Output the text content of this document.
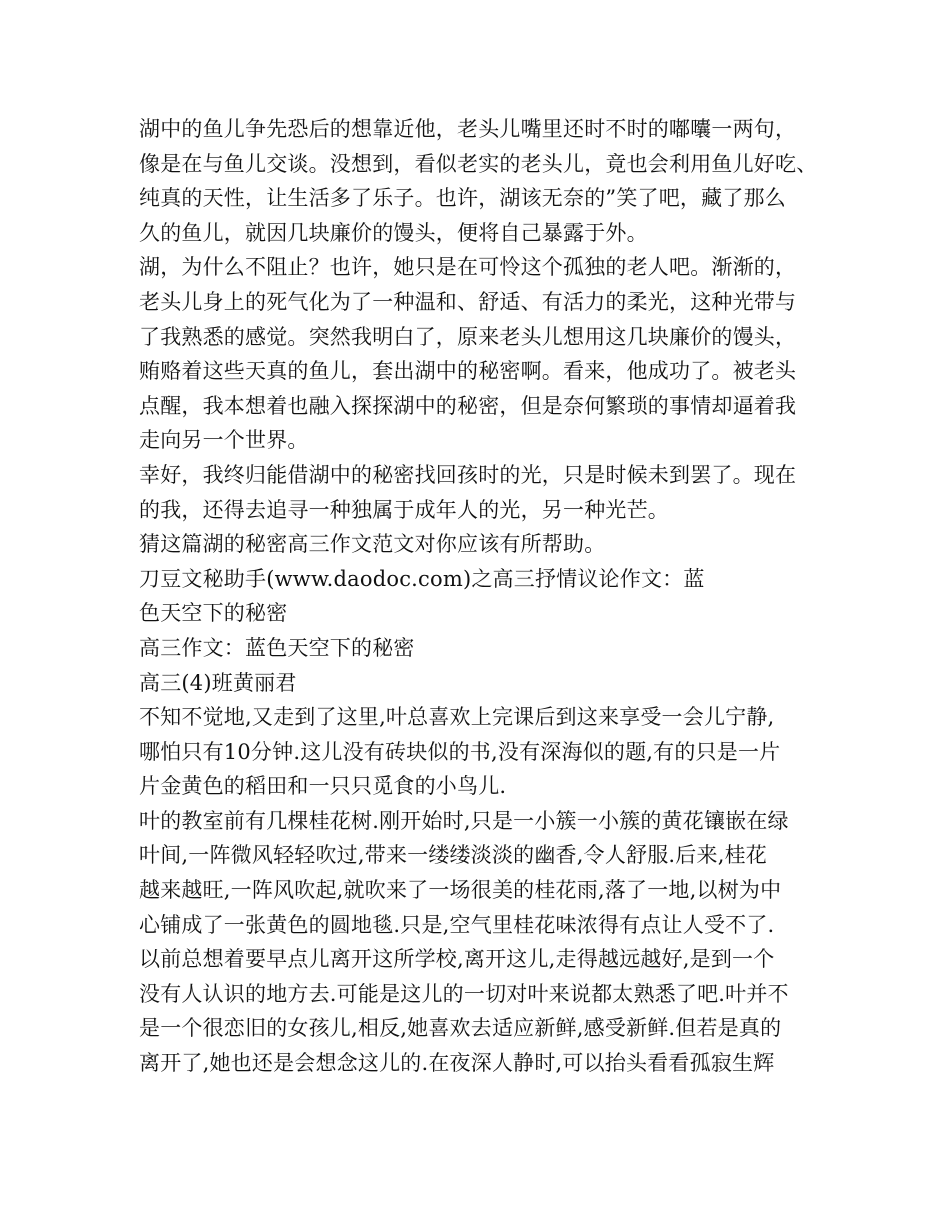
湖中的鱼儿争先恐后的想靠近他，老头儿嘴里还时不时的嘟囔一两句，
像是在与鱼儿交谈。没想到，看似老实的老头儿，竟也会利用鱼儿好吃、
纯真的天性，让生活多了乐子。也许，湖该无奈的”笑了吧，藏了那么
久的鱼儿，就因几块廉价的馒头，便将自己暴露于外。
湖，为什么不阻止？也许，她只是在可怜这个孤独的老人吧。渐渐的，
老头儿身上的死气化为了一种温和、舒适、有活力的柔光，这种光带与
了我熟悉的感觉。突然我明白了，原来老头儿想用这几块廉价的馒头，
贿赂着这些天真的鱼儿，套出湖中的秘密啊。看来，他成功了。被老头
点醒，我本想着也融入探探湖中的秘密，但是奈何繁琐的事情却逼着我
走向另一个世界。
幸好，我终归能借湖中的秘密找回孩时的光，只是时候未到罢了。现在
的我，还得去追寻一种独属于成年人的光，另一种光芒。
猜这篇湖的秘密高三作文范文对你应该有所帮助。
刀豆文秘助手(www.daodoc.com)之高三抒情议论作文：蓝
色天空下的秘密
高三作文：蓝色天空下的秘密
高三(4)班黄丽君
不知不觉地,又走到了这里,叶总喜欢上完课后到这来享受一会儿宁静,
哪怕只有10分钟.这儿没有砖块似的书,没有深海似的题,有的只是一片
片金黄色的稻田和一只只觅食的小鸟儿.
叶的教室前有几棵桂花树.刚开始时,只是一小簇一小簇的黄花镶嵌在绿
叶间,一阵微风轻轻吹过,带来一缕缕淡淡的幽香,令人舒服.后来,桂花
越来越旺,一阵风吹起,就吹来了一场很美的桂花雨,落了一地,以树为中
心铺成了一张黄色的圆地毯.只是,空气里桂花味浓得有点让人受不了.
以前总想着要早点儿离开这所学校,离开这儿,走得越远越好,是到一个
没有人认识的地方去.可能是这儿的一切对叶来说都太熟悉了吧.叶并不
是一个很恋旧的女孩儿,相反,她喜欢去适应新鲜,感受新鲜.但若是真的
离开了,她也还是会想念这儿的.在夜深人静时,可以抬头看看孤寂生辉
